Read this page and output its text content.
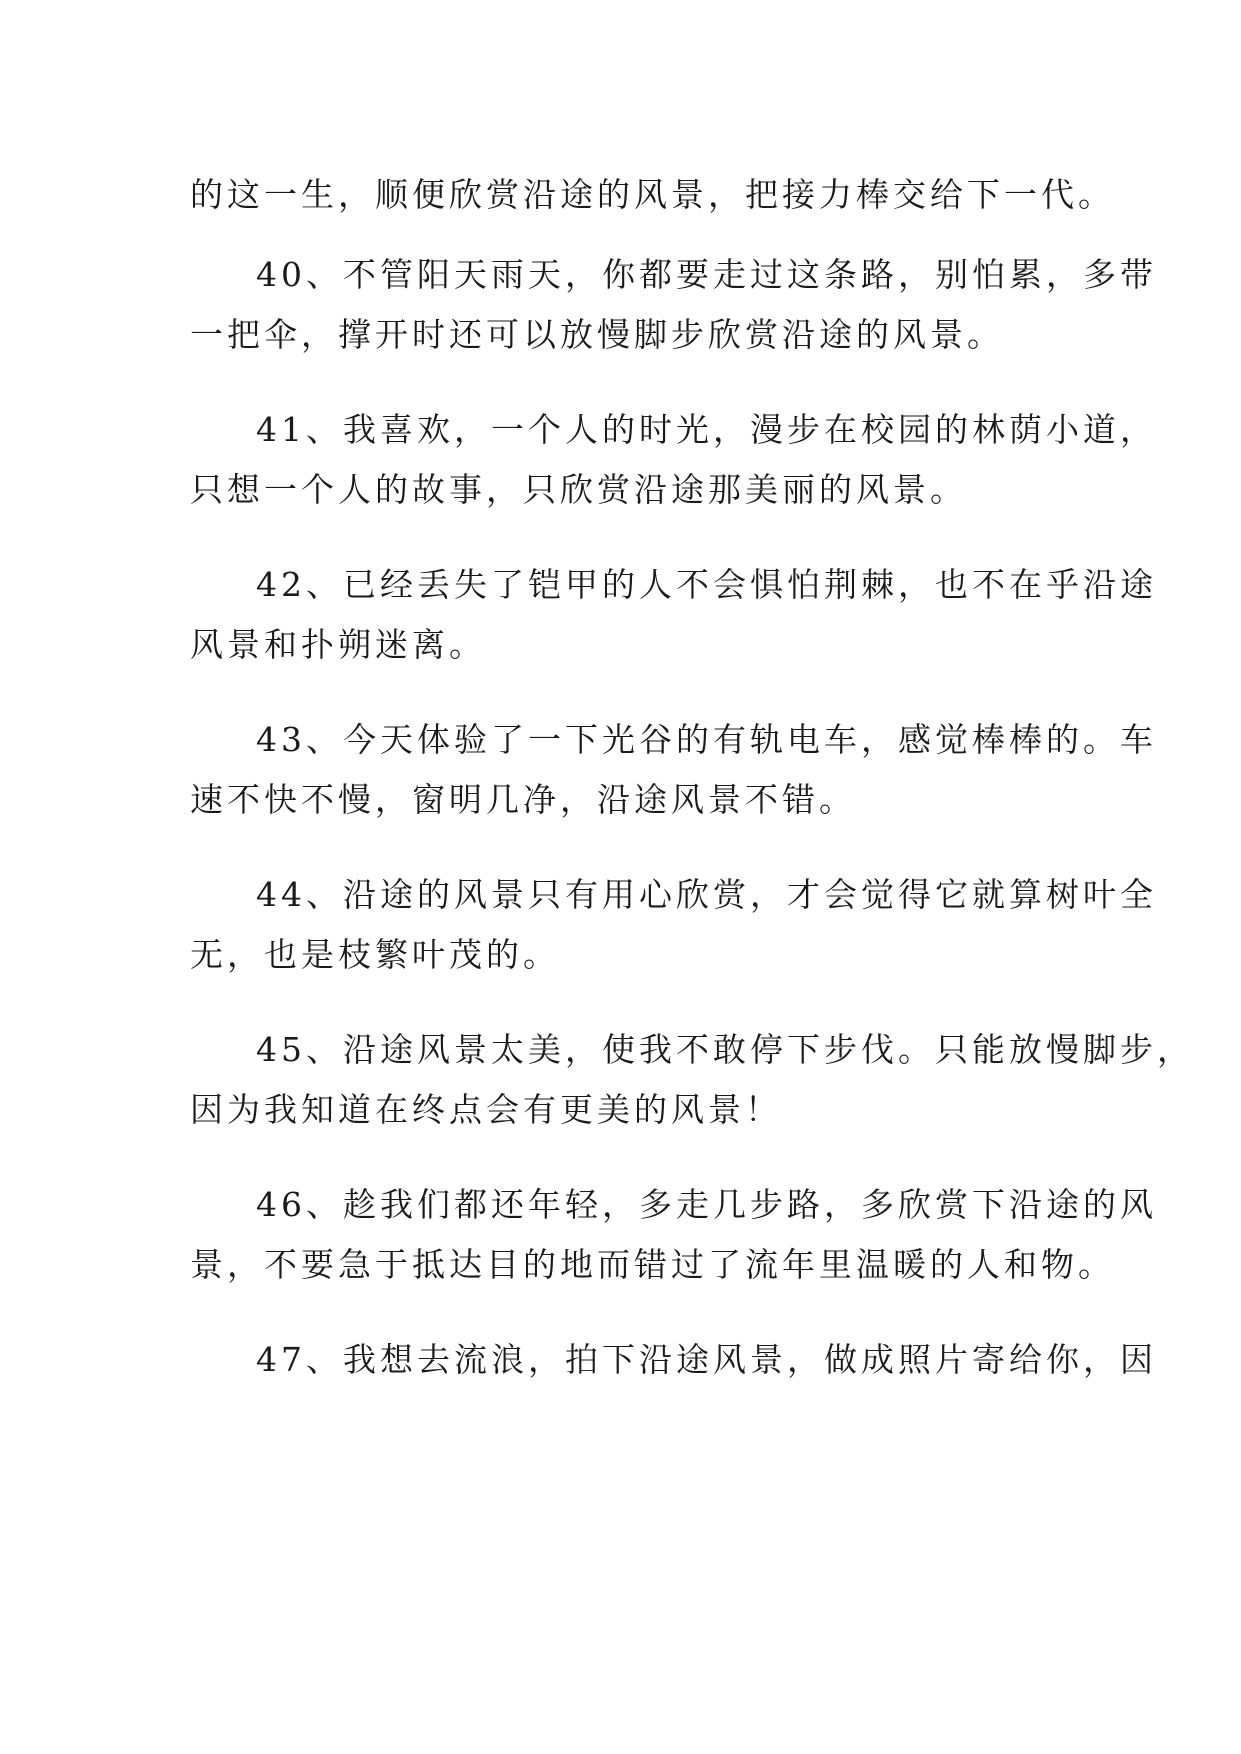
的这一生，顺便欣赏沿途的风景，把接力棒交给下一代。

40、不管阳天雨天，你都要走过这条路，别怕累，多带
一把伞，撑开时还可以放慢脚步欣赏沿途的风景。

41、我喜欢，一个人的时光，漫步在校园的林荫小道，
只想一个人的故事，只欣赏沿途那美丽的风景。

42、已经丢失了铠甲的人不会惧怕荆棘，也不在乎沿途
风景和扑朔迷离。

43、今天体验了一下光谷的有轨电车，感觉棒棒的。车
速不快不慢，窗明几净，沿途风景不错。

44、沿途的风景只有用心欣赏，才会觉得它就算树叶全
无，也是枝繁叶茂的。

45、沿途风景太美，使我不敢停下步伐。只能放慢脚步，
因为我知道在终点会有更美的风景！

46、趁我们都还年轻，多走几步路，多欣赏下沿途的风
景，不要急于抵达目的地而错过了流年里温暖的人和物。

47、我想去流浪，拍下沿途风景，做成照片寄给你，因
